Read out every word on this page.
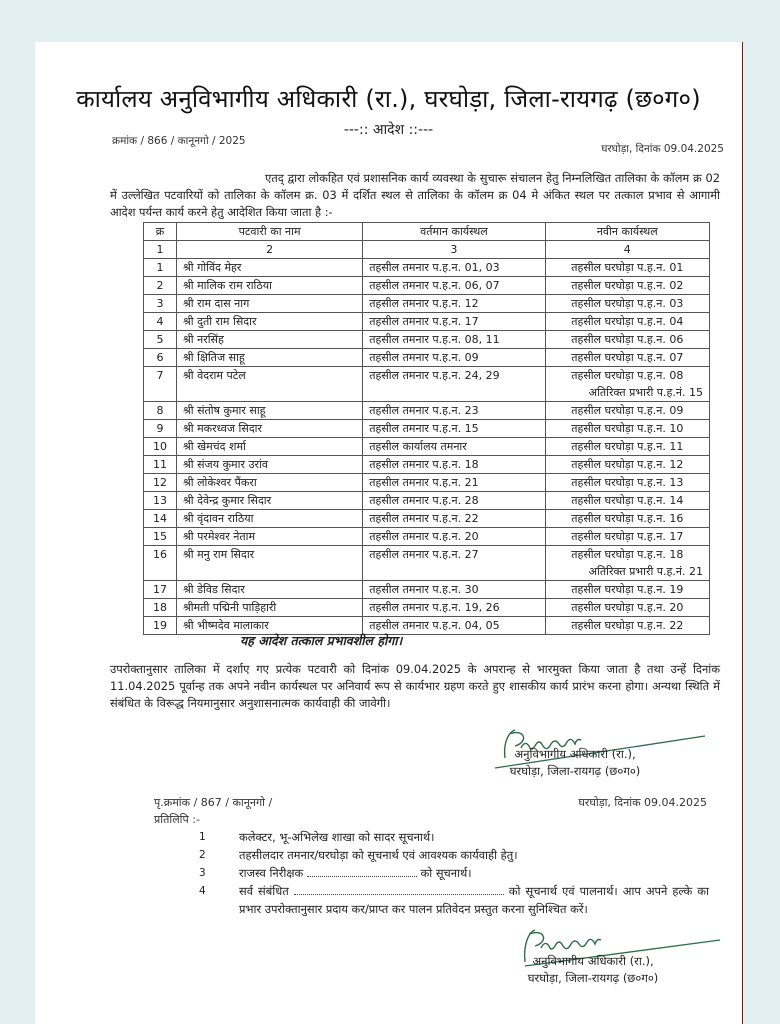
कार्यालय अनुविभागीय अधिकारी (रा.), घरघोड़ा, जिला-रायगढ़ (छ०ग०)
---:: आदेश ::---
क्रमांक / 866 / कानूनगो / 2025
घरघोड़ा, दिनांक 09.04.2025
एतद् द्वारा लोकहित एवं प्रशासनिक कार्य व्यवस्था के सुचारू संचालन हेतु निम्नलिखित तालिका के कॉलम क्र 02 में उल्लेखित पटवारियों को तालिका के कॉलम क्र. 03 में दर्शित स्थल से तालिका के कॉलम क्र 04 मे अंकित स्थल पर तत्काल प्रभाव से आगामी आदेश पर्यन्त कार्य करने हेतु आदेशित किया जाता है :-
क्र	पटवारी का नाम	वर्तमान कार्यस्थल	नवीन कार्यस्थल
1	2	3	4
1	श्री गोविंद मेहर	तहसील तमनार प.ह.न. 01, 03	तहसील घरघोड़ा प.ह.न. 01
2	श्री मालिक राम राठिया	तहसील तमनार प.ह.न. 06, 07	तहसील घरघोड़ा प.ह.न. 02
3	श्री राम दास नाग	तहसील तमनार प.ह.न. 12	तहसील घरघोड़ा प.ह.न. 03
4	श्री दुती राम सिदार	तहसील तमनार प.ह.न. 17	तहसील घरघोड़ा प.ह.न. 04
5	श्री नरसिंह	तहसील तमनार प.ह.न. 08, 11	तहसील घरघोड़ा प.ह.न. 06
6	श्री क्षितिज साहू	तहसील तमनार प.ह.न. 09	तहसील घरघोड़ा प.ह.न. 07
7	श्री वेदराम पटेल	तहसील तमनार प.ह.न. 24, 29	तहसील घरघोड़ा प.ह.न. 08
अतिरिक्त प्रभारी प.ह.नं. 15

8	श्री संतोष कुमार साहू	तहसील तमनार प.ह.न. 23	तहसील घरघोड़ा प.ह.न. 09
9	श्री मकरध्वज सिदार	तहसील तमनार प.ह.न. 15	तहसील घरघोड़ा प.ह.न. 10
10	श्री खेमचंद शर्मा	तहसील कार्यालय तमनार	तहसील घरघोड़ा प.ह.न. 11
11	श्री संजय कुमार उरांव	तहसील तमनार प.ह.न. 18	तहसील घरघोड़ा प.ह.न. 12
12	श्री लोकेश्वर पैंकरा	तहसील तमनार प.ह.न. 21	तहसील घरघोड़ा प.ह.न. 13
13	श्री देवेन्द्र कुमार सिदार	तहसील तमनार प.ह.न. 28	तहसील घरघोड़ा प.ह.न. 14
14	श्री वृंदावन राठिया	तहसील तमनार प.ह.न. 22	तहसील घरघोड़ा प.ह.न. 16
15	श्री परमेश्वर नेताम	तहसील तमनार प.ह.न. 20	तहसील घरघोड़ा प.ह.न. 17
16	श्री मनु राम सिदार	तहसील तमनार प.ह.न. 27	तहसील घरघोड़ा प.ह.न. 18
अतिरिक्त प्रभारी प.ह.नं. 21

17	श्री डेविड सिदार	तहसील तमनार प.ह.न. 30	तहसील घरघोड़ा प.ह.न. 19
18	श्रीमती पद्मिनी पाड़िहारी	तहसील तमनार प.ह.न. 19, 26	तहसील घरघोड़ा प.ह.न. 20
19	श्री भीष्मदेव मालाकार	तहसील तमनार प.ह.न. 04, 05	तहसील घरघोड़ा प.ह.न. 22
यह आदेश तत्काल प्रभावशील होगा।
उपरोक्तानुसार तालिका में दर्शाए गए प्रत्येक पटवारी को दिनांक 09.04.2025 के अपरान्ह से भारमुक्त किया जाता है तथा उन्हें दिनांक 11.04.2025 पूर्वान्ह तक अपने नवीन कार्यस्थल पर अनिवार्य रूप से कार्यभार ग्रहण करते हुए शासकीय कार्य प्रारंभ करना होगा। अन्यथा स्थिति में संबंधित के विरूद्ध नियमानुसार अनुशासनात्मक कार्यवाही की जावेगी।
अनुविभागीय अधिकारी (रा.),
घरघोड़ा, जिला-रायगढ़ (छ०ग०)
पृ.क्रमांक / 867 / कानूनगो /	घरघोड़ा, दिनांक 09.04.2025
प्रतिलिपि :-
1	कलेक्टर, भू-अभिलेख शाखा को सादर सूचनार्थ।
2	तहसीलदार तमनार/घरघोड़ा को सूचनार्थ एवं आवश्यक कार्यवाही हेतु।
3	राजस्व निरीक्षक	को सूचनार्थ।
4	सर्व संबंधित	को सूचनार्थ एवं पालनार्थ। आप अपने हल्के का प्रभार उपरोक्तानुसार प्रदाय कर/प्राप्त कर पालन प्रतिवेदन प्रस्तुत करना सुनिश्चित करें।
अनुविभागीय अधिकारी (रा.),
घरघोड़ा, जिला-रायगढ़ (छ०ग०)
